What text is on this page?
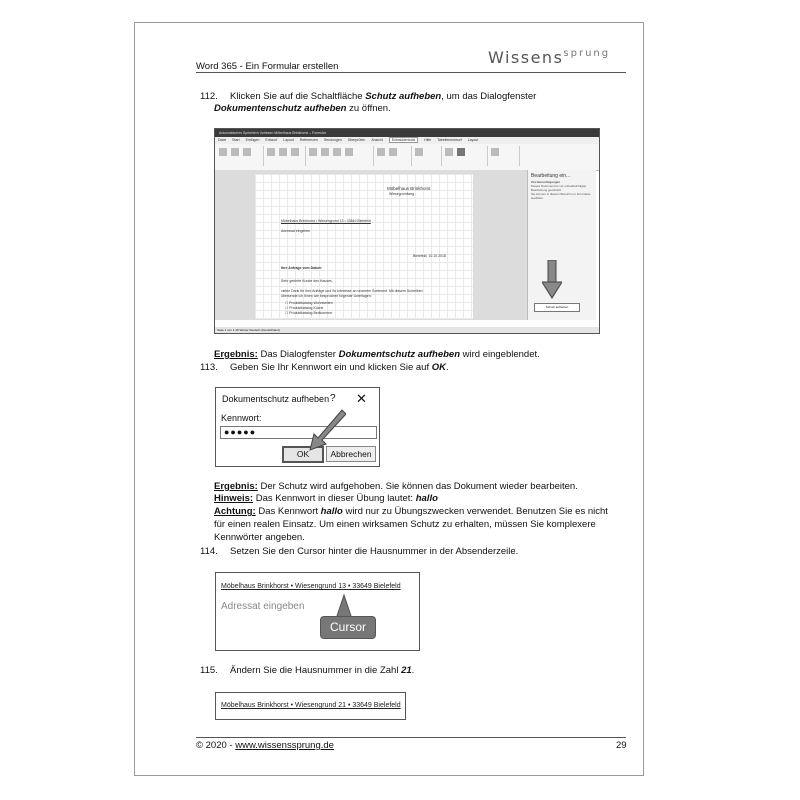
Word 365 - Ein Formular erstellen	Wissens$^{sprung}$
112. Klicken Sie auf die Schaltfläche Schutz aufheben, um das Dialogfenster
Dokumentenschutz aufheben zu öffnen.
Automatisches Speichern Vorlesen Möbelhaus Brinkhorst – Formular
Datei Start Einfügen Entwurf Layout Referenzen Sendungen Überprüfen Ansicht	Entwicklertools	Hilfe Tabellenentwurf Layout
Möbelhaus Brinkhorst
Wiesegrundweg
Möbelhaus Brinkhorst • Wiesengrund 13 • 33649 Bielefeld
Adressat eingeben
Bielefeld, 10.10.2018
Ihre Anfrage vom Datum
Sehr geehrte Kunde des Hauses,
vielen Dank für Ihre Anfrage und Ihr Interesse an unserem Sortiment. Mit diesem Schreiben
übersende ich Ihnen wie besprochen folgende Unterlagen:
☐ Produktkatalog Wohnwelten
☐ Produktkatalog Küche
☐ Produktkatalog Bedkommer
Bearbeitung ein...
Ihre Berechtigungen
Dieses Dokument ist vor unbeabsichtigter Bearbeitung geschützt.
Sie können in diesem Bereich nur Formulare ausfüllen.
Schutz aufheben
Seite 1 von 1 29 Wörter Deutsch (Deutschland)
Ergebnis: Das Dialogfenster Dokumentschutz aufheben wird eingeblendet.
113. Geben Sie Ihr Kennwort ein und klicken Sie auf OK.
Dokumentschutz aufheben ? ✕
Kennwort:
●●●●●
OK	Abbrechen
Ergebnis: Der Schutz wird aufgehoben. Sie können das Dokument wieder bearbeiten.
Hinweis: Das Kennwort in dieser Übung lautet: hallo
Achtung: Das Kennwort hallo wird nur zu Übungszwecken verwendet. Benutzen Sie es nicht
für einen realen Einsatz. Um einen wirksamen Schutz zu erhalten, müssen Sie komplexere
Kennwörter angeben.
114. Setzen Sie den Cursor hinter die Hausnummer in der Absenderzeile.
Möbelhaus Brinkhorst • Wiesengrund 13 • 33649 Bielefeld
Adressat eingeben
Cursor
115. Ändern Sie die Hausnummer in die Zahl 21.
Möbelhaus Brinkhorst • Wiesengrund 21 • 33649 Bielefeld
© 2020 - www.wissenssprung.de	29
